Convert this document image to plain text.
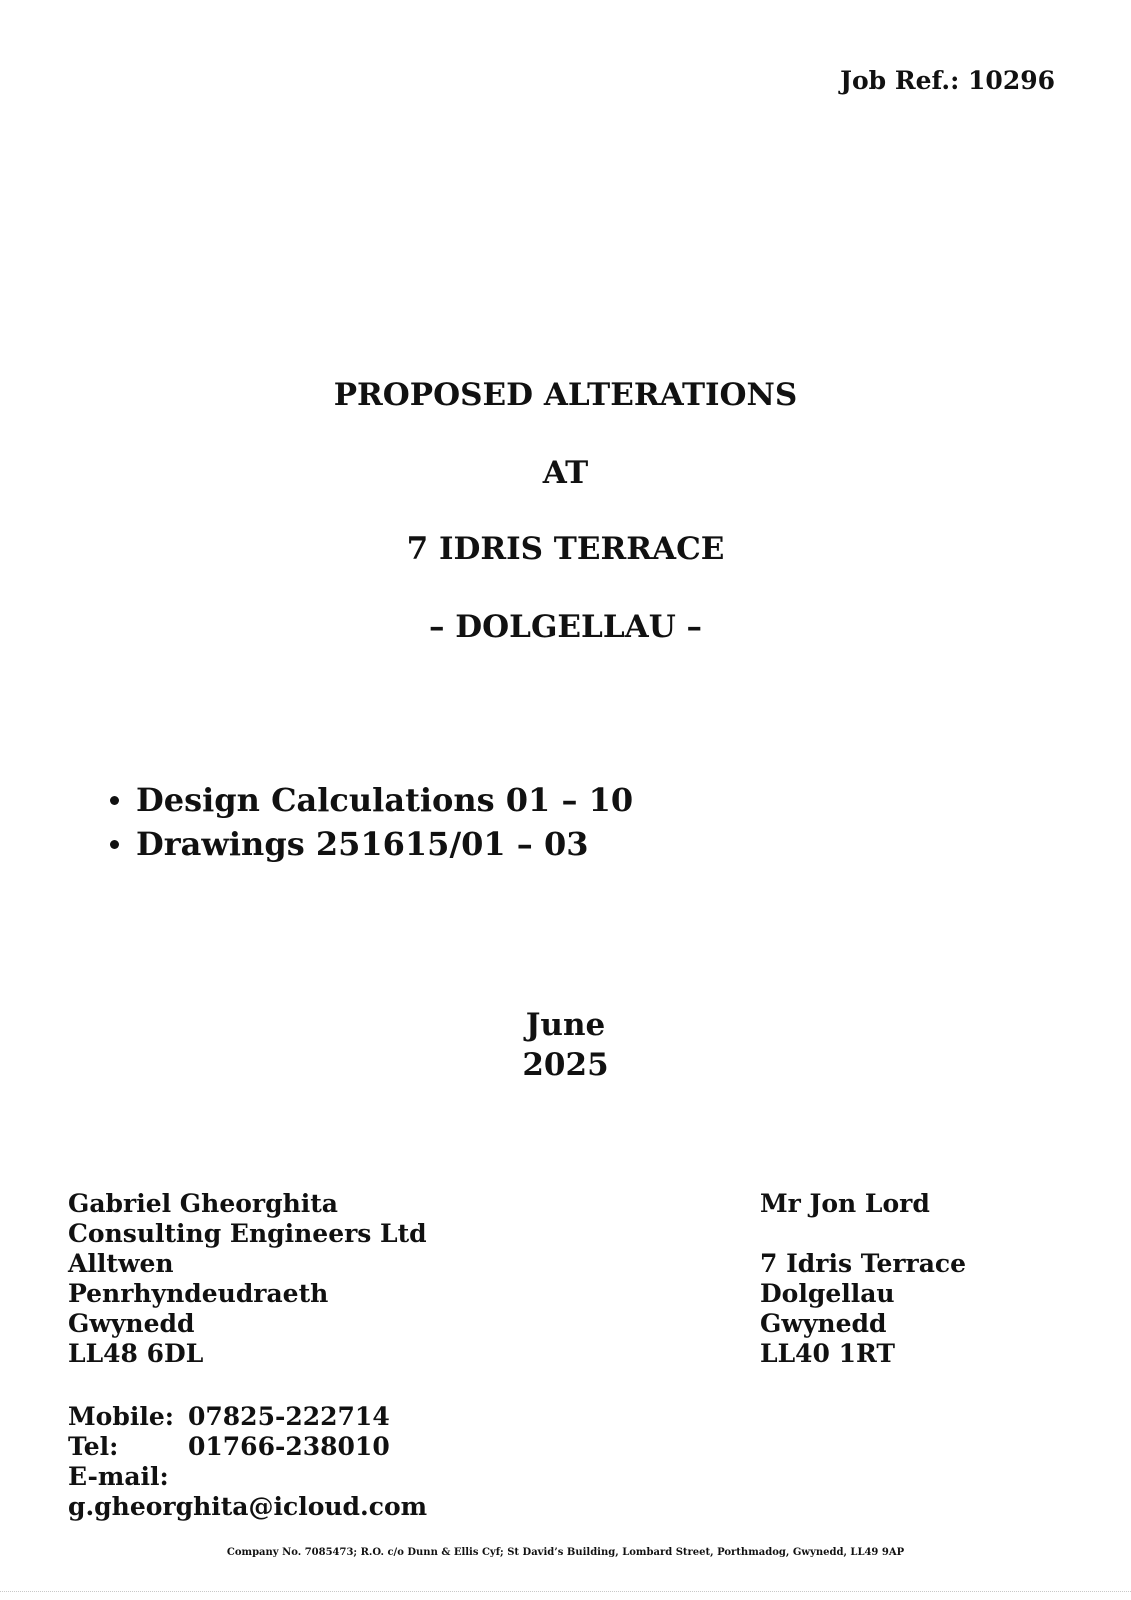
Job Ref.: 10296
PROPOSED ALTERATIONS
AT
7 IDRIS TERRACE
– DOLGELLAU –
Design Calculations 01 – 10
Drawings 251615/01 – 03
June
2025
Gabriel Gheorghita
Consulting Engineers Ltd
Alltwen
Penrhyndeudraeth
Gwynedd
LL48 6DL
Mr Jon Lord
7 Idris Terrace
Dolgellau
Gwynedd
LL40 1RT
Mobile: 07825-222714
Tel:	01766-238010
E-mail:
g.gheorghita@icloud.com
Company No. 7085473; R.O. c/o Dunn & Ellis Cyf; St David’s Building, Lombard Street, Porthmadog, Gwynedd, LL49 9AP
